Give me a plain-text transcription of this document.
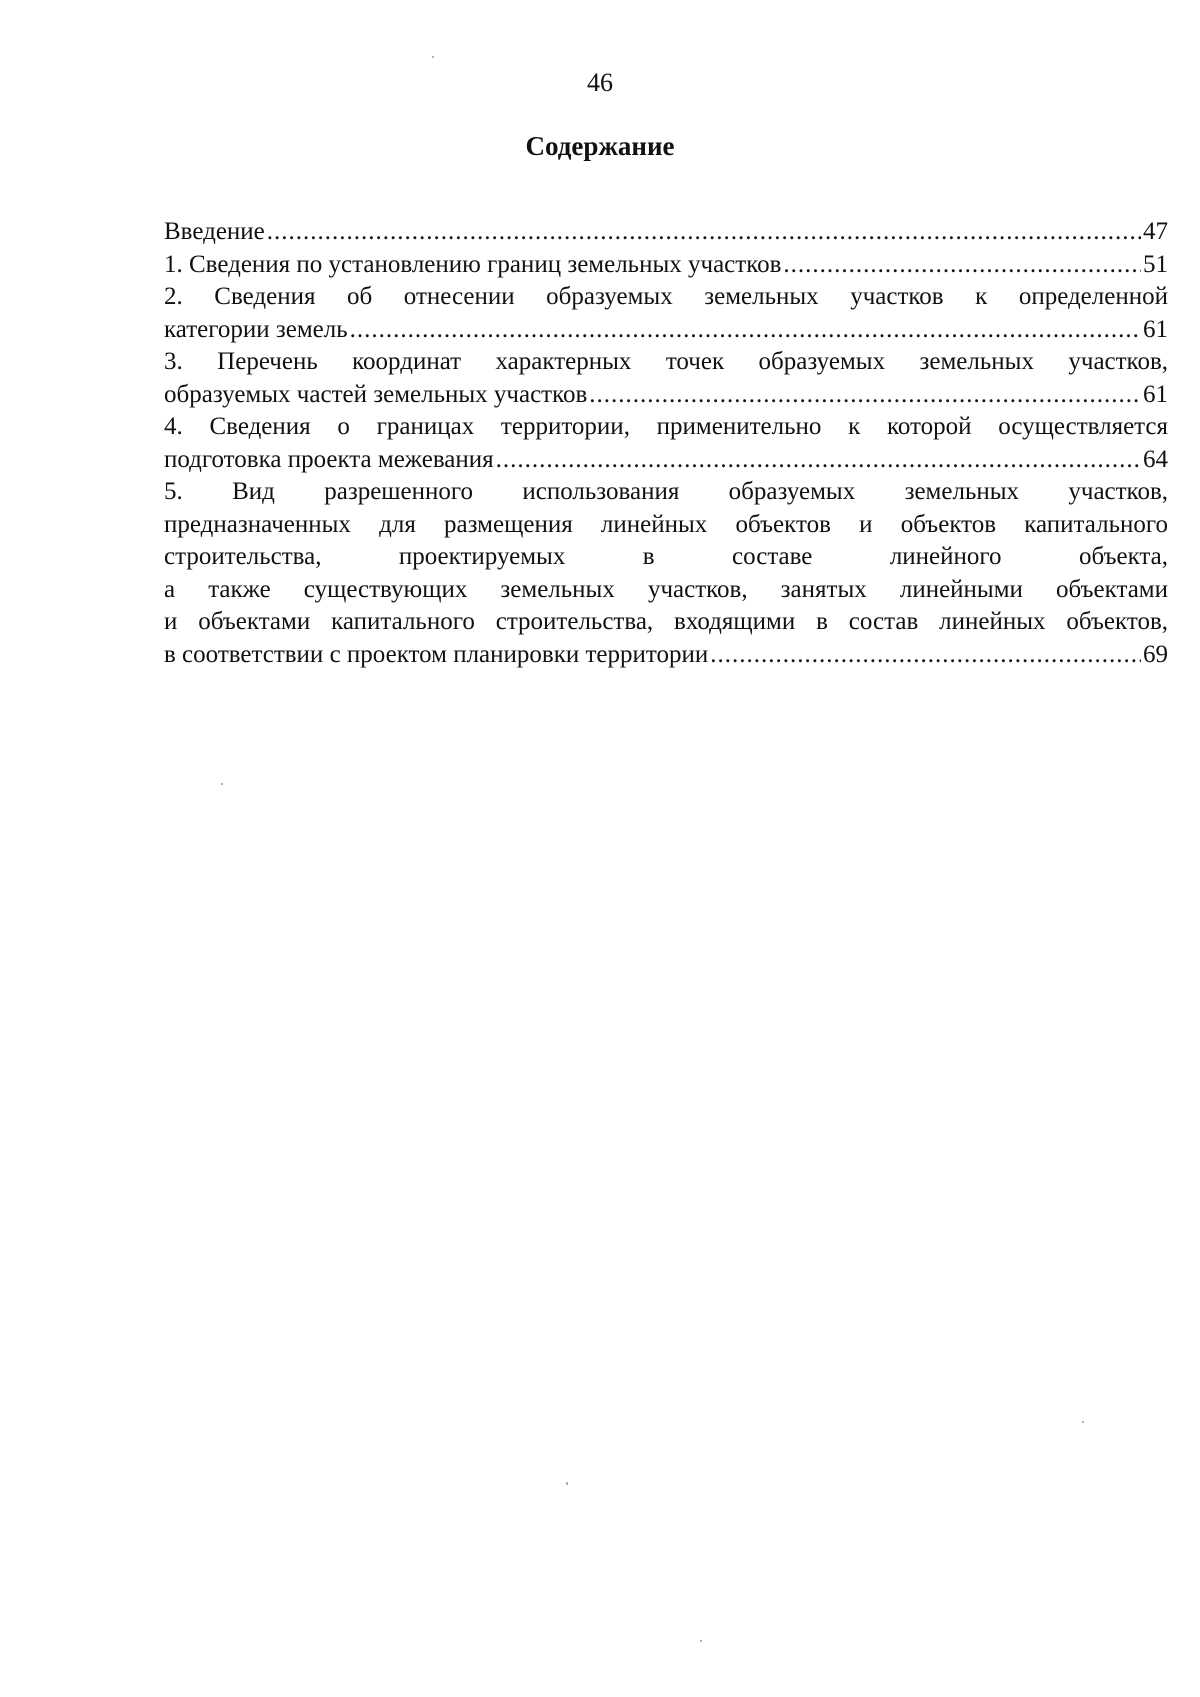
46
Содержание
Введение .....	47
1. Сведения по установлению границ земельных участков .....	51
2. Сведения об отнесении образуемых земельных участков к определенной
категории земель .....	61
3. Перечень координат характерных точек образуемых земельных участков,
образуемых частей земельных участков .....	61
4. Сведения о границах территории, применительно к которой осуществляется
подготовка проекта межевания .....	64
5. Вид разрешенного использования образуемых земельных участков,
предназначенных для размещения линейных объектов и объектов капитального
строительства, проектируемых в составе линейного объекта,
а также существующих земельных участков, занятых линейными объектами
и объектами капитального строительства, входящими в состав линейных объектов,
в соответствии с проектом планировки территории .....	69
